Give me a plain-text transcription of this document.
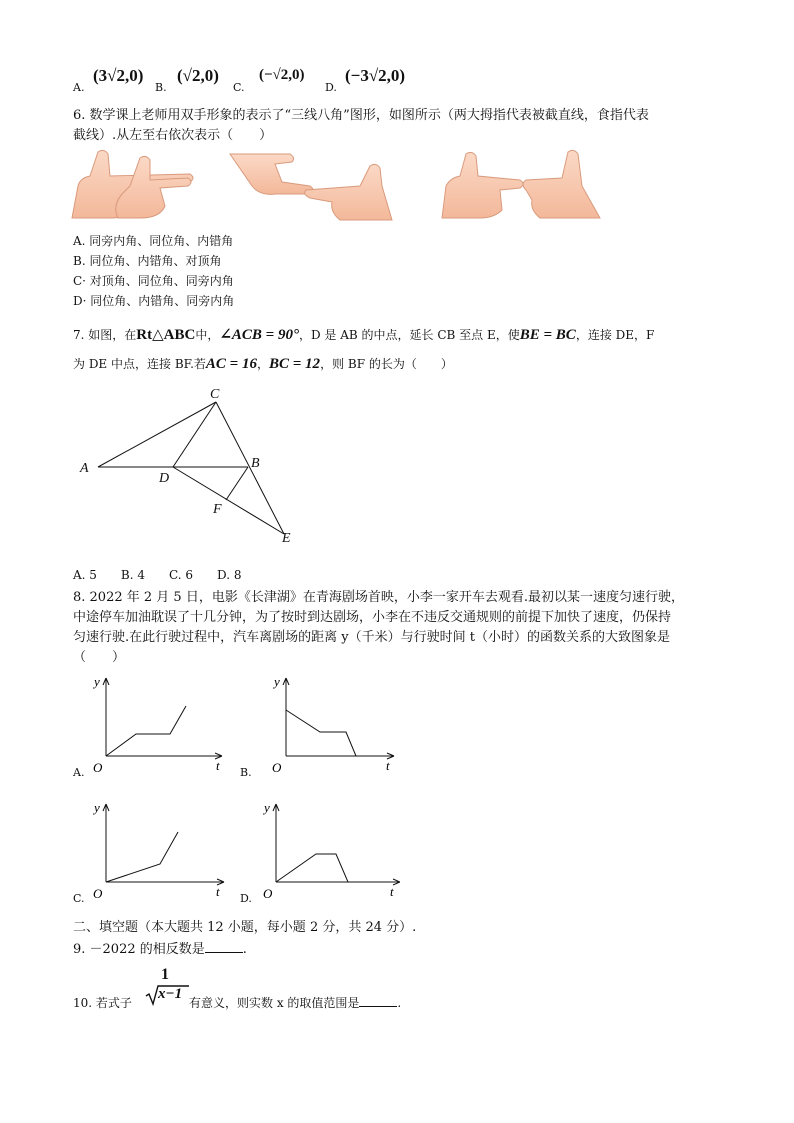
A.
(3√2,0)
B.
(√2,0)
C.
(−√2,0)
D.
(−3√2,0)
6. 数学课上老师用双手形象的表示了“三线八角”图形，如图所示（两大拇指代表被截直线，食指代表
截线）.从左至右依次表示（　　）
A. 同旁内角、同位角、内错角
B. 同位角、内错角、对顶角
C· 对顶角、同位角、同旁内角
D· 同位角、内错角、同旁内角
7. 如图，在Rt△ABC中，∠ACB = 90°，D 是 AB 的中点，延长 CB 至点 E，使BE = BC，连接 DE，F
为 DE 中点，连接 BF.若AC = 16，BC = 12，则 BF 的长为（　　）
A
C
B
D
F
E
A. 5　　B. 4　　C. 6　　D. 8
8. 2022 年 2 月 5 日，电影《长津湖》在青海剧场首映，小李一家开车去观看.最初以某一速度匀速行驶，
中途停车加油耽误了十几分钟，为了按时到达剧场，小李在不违反交通规则的前提下加快了速度，仍保持
匀速行驶.在此行驶过程中，汽车离剧场的距离 y（千米）与行驶时间 t（小时）的函数关系的大致图象是
（　　）
y
t
O
A.
y
t
O
B.
y
t
O
C.
y
t
O
D.
二、填空题（本大题共 12 小题，每小题 2 分，共 24 分）.
9. －2022 的相反数是	.
10. 若式子
1
x−1
有意义，则实数 x 的取值范围是	.
